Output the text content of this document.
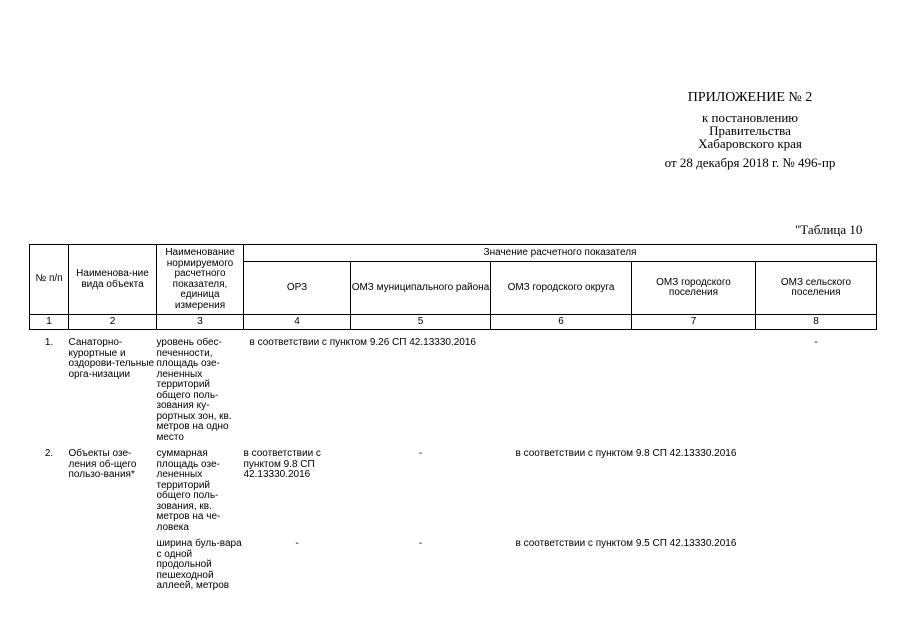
ПРИЛОЖЕНИЕ № 2
к постановлению
Правительства
Хабаровского края
от 28 декабря 2018 г. № 496-пр
"Таблица 10
№ п/п	Наименова-ние вида объекта	Наименование нормируемого расчетного показателя, единица измерения	Значение расчетного показателя				
			ОРЗ	ОМЗ муниципального района	ОМЗ городского округа	ОМЗ городского поселения	ОМЗ сельского поселения
1	2	3	4	5	6	7	8
1.	Санаторно-курортные и оздорови-тельные орга-низации	уровень обес-печенности, площадь озе-лененных территорий общего поль-зования ку-рортных зон, кв. метров на одно место	в соответствии с пунктом 9.26 СП 42.13330.2016				-
2.	Объекты озе-ления об-щего пользо-вания*	суммарная площадь озе-лененных территорий общего поль-зования, кв. метров на че-ловека	в соответствии с пунктом 9.8 СП 42.13330.2016	-	в соответствии с пунктом 9.8 СП 42.13330.2016		
		ширина буль-вара с одной продольной пешеходной аллеей, метров	-	-	в соответствии с пунктом 9.5 СП 42.13330.2016		
